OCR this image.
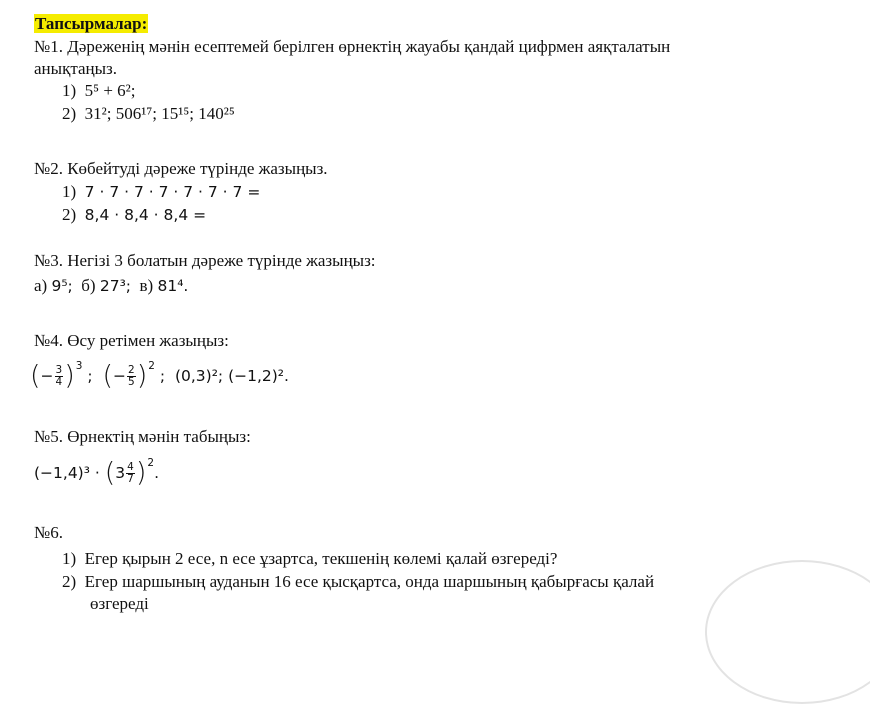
Тапсырмалар:
№1. Дәреженің мәнін есептемей берілген өрнектің жауабы қандай цифрмен аяқталатын
анықтаңыз.
1) 5⁵ + 6²;
2) 31²; 506¹⁷; 15¹⁵; 140²⁵
№2. Көбейтуді дәреже түрінде жазыңыз.
1) 7 · 7 · 7 · 7 · 7 · 7 · 7 =
2) 8,4 · 8,4 · 8,4 =
№3. Негізі 3 болатын дәреже түрінде жазыңыз:
а) 9⁵; б) 27³; в) 81⁴.
№4. Өсу ретімен жазыңыз:
(− $\frac{3}{4} )^3$ ;  (− $\frac{2}{5} )^2$ ;  (0,3)²; (−1,2)².
№5. Өрнектің мәнін табыңыз:
$(-1,4)^3 \cdot (3 \frac{4}{7} )^2$.
№6.
1) Егер қырын 2 есе, n есе ұзартса, текшенің көлемі қалай өзгереді?
2) Егер шаршының ауданын 16 есе қысқартса, онда шаршының қабырғасы қалай
өзгереді
